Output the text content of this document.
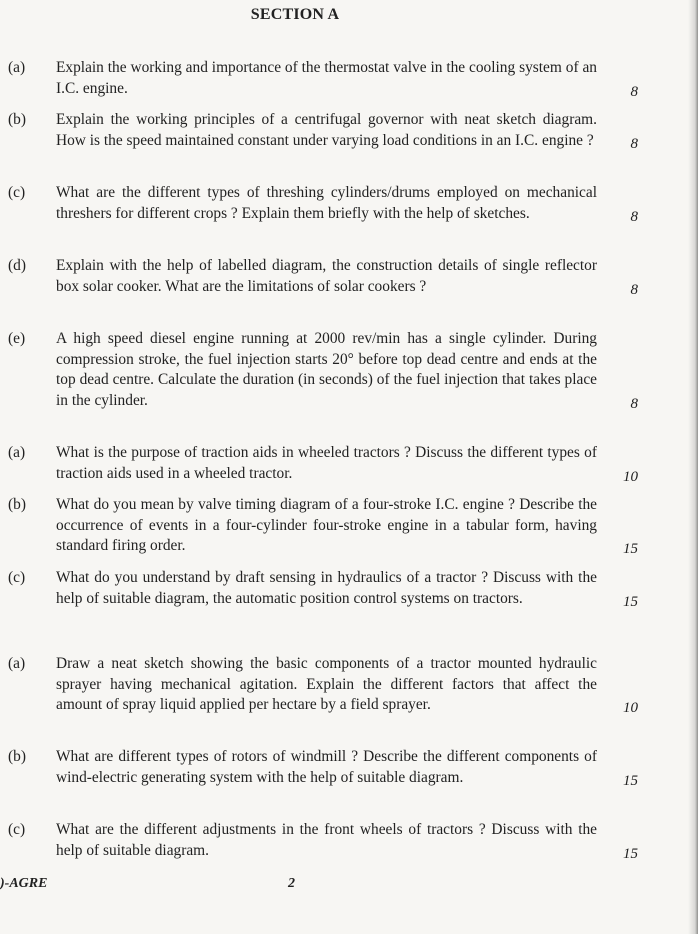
SECTION A
(a) Explain the working and importance of the thermostat valve in the cooling system of an I.C. engine.	8
(b) Explain the working principles of a centrifugal governor with neat sketch diagram. How is the speed maintained constant under varying load conditions in an I.C. engine ?	8
(c) What are the different types of threshing cylinders/drums employed on mechanical threshers for different crops ? Explain them briefly with the help of sketches.	8
(d) Explain with the help of labelled diagram, the construction details of single reflector box solar cooker. What are the limitations of solar cookers ?	8
(e) A high speed diesel engine running at 2000 rev/min has a single cylinder. During compression stroke, the fuel injection starts 20° before top dead centre and ends at the top dead centre. Calculate the duration (in seconds) of the fuel injection that takes place in the cylinder.	8
(a) What is the purpose of traction aids in wheeled tractors ? Discuss the different types of traction aids used in a wheeled tractor.	10
(b) What do you mean by valve timing diagram of a four-stroke I.C. engine ? Describe the occurrence of events in a four-cylinder four-stroke engine in a tabular form, having standard firing order.	15
(c) What do you understand by draft sensing in hydraulics of a tractor ? Discuss with the help of suitable diagram, the automatic position control systems on tractors.	15
(a) Draw a neat sketch showing the basic components of a tractor mounted hydraulic sprayer having mechanical agitation. Explain the different factors that affect the amount of spray liquid applied per hectare by a field sprayer.	10
(b) What are different types of rotors of windmill ? Describe the different components of wind-electric generating system with the help of suitable diagram.	15
(c) What are the different adjustments in the front wheels of tractors ? Discuss with the help of suitable diagram.	15
)-AGRE	2
